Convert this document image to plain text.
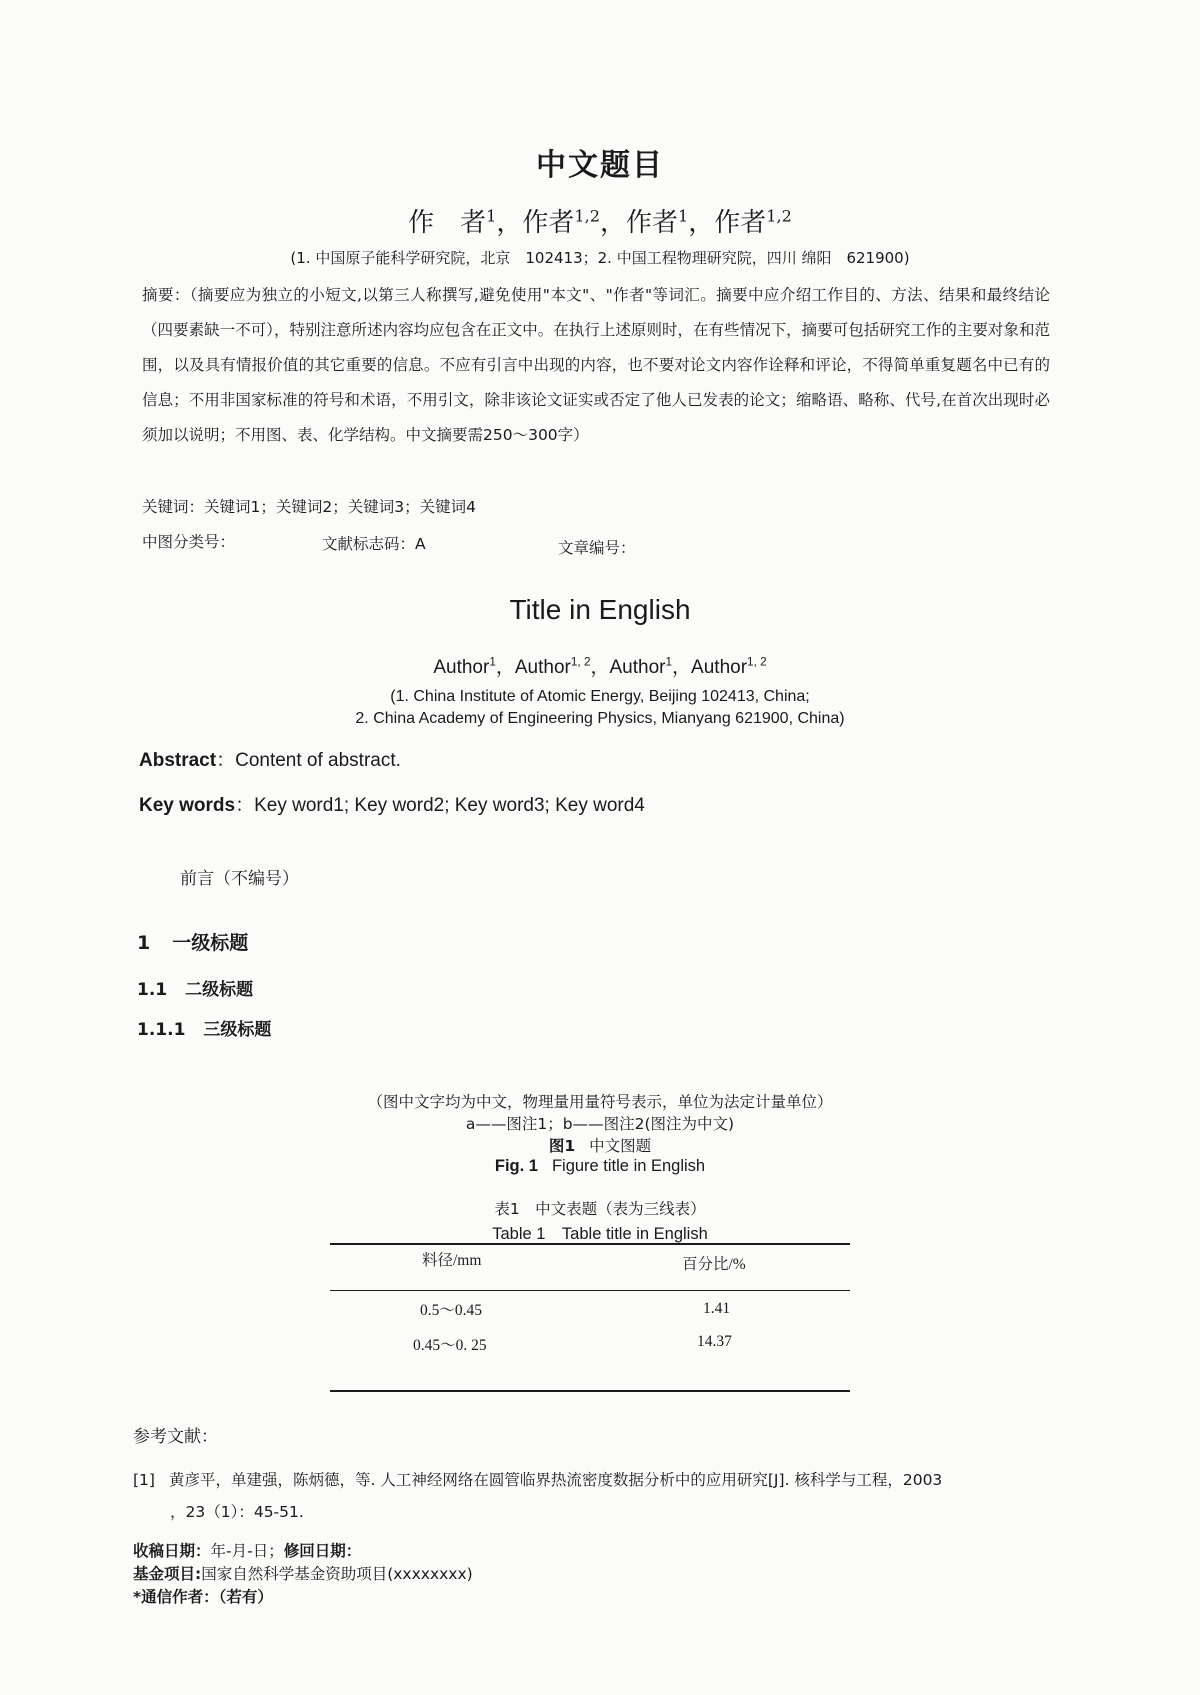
中文题目
作　者$^1$，作者$^{1,2}$，作者$^1$，作者$^{1,2}$
(1. 中国原子能科学研究院，北京　102413；2. 中国工程物理研究院，四川 绵阳　621900)
摘要：（摘要应为独立的小短文,以第三人称撰写,避免使用"本文"、"作者"等词汇。摘要中应介绍工作目的、方法、结果和最终结论（四要素缺一不可），特别注意所述内容均应包含在正文中。在执行上述原则时，在有些情况下，摘要可包括研究工作的主要对象和范围，以及具有情报价值的其它重要的信息。不应有引言中出现的内容，也不要对论文内容作诠释和评论，不得简单重复题名中已有的信息；不用非国家标准的符号和术语，不用引文，除非该论文证实或否定了他人已发表的论文；缩略语、略称、代号,在首次出现时必须加以说明；不用图、表、化学结构。中文摘要需250～300字）
关键词：关键词1；关键词2；关键词3；关键词4
中图分类号：	文献标志码：A	文章编号：
Title in English
Author$^1$，Author$^{1, 2}$，Author$^1$，Author$^{1, 2}$
(1. China Institute of Atomic Energy, Beijing 102413, China;
2. China Academy of Engineering Physics, Mianyang 621900, China)
Abstract：Content of abstract.
Key words：Key word1; Key word2; Key word3; Key word4
前言（不编号）
1 一级标题
1.1 二级标题
1.1.1 三级标题
（图中文字均为中文，物理量用量符号表示，单位为法定计量单位）
a——图注1；b——图注2(图注为中文)
图1 中文图题
Fig. 1 Figure title in English
表1　中文表题（表为三线表）
Table 1　Table title in English
料径/mm	百分比/%
0.5～0.45	1.41
0.45～0. 25	14.37
参考文献：
[1] 黄彦平，单建强，陈炳德，等. 人工神经网络在圆管临界热流密度数据分析中的应用研究[J]. 核科学与工程，2003
，23（1）：45-51.
收稿日期：年-月-日；修回日期：
基金项目:国家自然科学基金资助项目(xxxxxxxx)
*通信作者：（若有）
